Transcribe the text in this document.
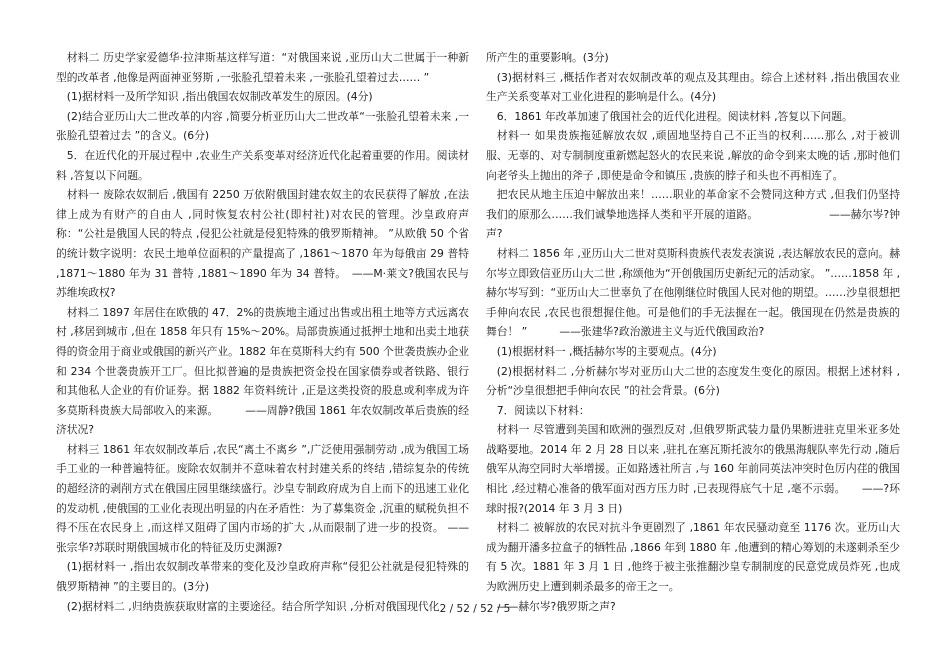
材料二 历史学家爱德华·拉津斯基这样写道：“对俄国来说 ,亚历山大二世属于一种新型的改革者 ,他像是两面神亚努斯 ,一张脸孔望着未来 ,一张脸孔望着过去…… ”

(1)据材料一及所学知识 ,指出俄国农奴制改革发生的原因。(4分)

(2)结合亚历山大二世改革的内容 ,简要分析亚历山大二世改革“一张脸孔望着未来 ,一张脸孔望着过去 ”的含义。(6分)

5．在近代化的开展过程中 ,农业生产关系变革对经济近代化起着重要的作用。阅读材料 ,答复以下问题。

材料一 废除农奴制后 ,俄国有 2250 万依附俄国封建农奴主的农民获得了解放 ,在法律上成为有财产的自由人 ,同时恢复农村公社(即村社)对农民的管理。沙皇政府声称：“公社是俄国人民的特点 ,侵犯公社就是侵犯特殊的俄罗斯精神。 ”从欧俄 50 个省的统计数字说明：农民土地单位面积的产量提高了 ,1861～1870 年为每俄亩 29 普特 ,1871～1880 年为 31 普特 ,1881～1890 年为 34 普特。　——M·莱文?俄国农民与苏维埃政权?

材料二 1897 年居住在欧俄的 47．2%的贵族地主通过出售或出租土地等方式远离农村 ,移居到城市 ,但在 1858 年只有 15%～20%。局部贵族通过抵押土地和出卖土地获得的资金用于商业或俄国的新兴产业。1882 年在莫斯科大约有 500 个世袭贵族办企业和 234 个世袭贵族开工厂。但比拟普遍的是贵族把资金投在国家债券或者铁路、银行和其他私人企业的有价证券。据 1882 年资料统计 ,正是这类投资的股息或利率成为许多莫斯科贵族大局部收入的来源。　　　——周静?俄国 1861 年农奴制改革后贵族的经济状况?

材料三 1861 年农奴制改革后 ,农民“离土不离乡 ”,广泛使用强制劳动 ,成为俄国工场手工业的一种普遍特征。废除农奴制并不意味着农村封建关系的终结 ,错综复杂的传统的超经济的剥削方式在俄国庄园里继续盛行。沙皇专制政府成为自上而下的迅速工业化的发动机 ,使俄国的工业化表现出明显的内在矛盾性：为了募集资金 ,沉重的赋税负担不得不压在农民身上 ,而这样又阻碍了国内市场的扩大 ,从而限制了进一步的投资。 ——张宗华?苏联时期俄国城市化的特征及历史渊源?

(1)据材料一 ,指出农奴制改革带来的变化及沙皇政府声称“侵犯公社就是侵犯特殊的俄罗斯精神 ”的主要目的。(3分)

(2)据材料二 ,归纳贵族获取财富的主要途径。结合所学知识 ,分析对俄国现代化

所产生的重要影响。(3分)

(3)据材料三 ,概括作者对农奴制改革的观点及其理由。综合上述材料 ,指出俄国农业生产关系变革对工业化进程的影响是什么。(4分)

6．1861 年改革加速了俄国社会的近代化进程。阅读材料 ,答复以下问题。

材料一 如果贵族拖延解放农奴 ,顽固地坚持自己不正当的权利……那么 ,对于被训服、无辜的、对专制制度重新燃起怒火的农民来说 ,解放的命令到来太晚的话 ,那时他们向老爷头上抛出的斧子 ,即使是命令和镇压 ,贵族的脖子和头也不再相连了。

把农民从地主压迫中解放出来！……职业的革命家不会赞同这种方式 ,但我们仍坚持我们的原那么……我们诚挚地选择人类和平开展的道路。　　　　　　　——赫尔岑?钟声?

材料二 1856 年 ,亚历山大二世对莫斯科贵族代表发表演说 ,表达解放农民的意向。赫尔岑立即致信亚历山大二世 ,称颂他为“开创俄国历史新纪元的活动家。 ”……1858 年 ,赫尔岑写到：“亚历山大二世辜负了在他刚继位时俄国人民对他的期望。……沙皇很想把手伸向农民 ,农民也很想握住他。可是他们的手无法握在一起。俄国现在仍然是贵族的舞台！ ”　　　——张建华?政治激进主义与近代俄国政治?

(1)根据材料一 ,概括赫尔岑的主要观点。(4分)

(2)根据材料二 ,分析赫尔岑对亚历山大二世的态度发生变化的原因。根据上述材料 ,分析“沙皇很想把手伸向农民 ”的社会背景。(6分)

7．阅读以下材料：

材料一 尽管遭到美国和欧洲的强烈反对 ,但俄罗斯武装力量仍果断进驻克里米亚多处战略要地。2014 年 2 月 28 日以来 ,驻扎在塞瓦斯托波尔的俄黑海舰队率先行动 ,随后俄军从海空同时大举增援。正如路透社所言 ,与 160 年前同英法冲突时色厉内荏的俄国相比 ,经过精心准备的俄军面对西方压力时 ,已表现得底气十足 ,毫不示弱。　　——?环球时报?(2014 年 3 月 3 日)

材料二 被解放的农民对抗斗争更剧烈了 ,1861 年农民骚动竟至 1176 次。亚历山大成为翻开潘多拉盒子的牺牲品 ,1866 年到 1880 年 ,他遭到的精心筹划的未遂刺杀至少有 5 次。1881 年 3 月 1 日 ,他终于被主张推翻沙皇专制制度的民意党成员炸死 ,也成为欧洲历史上遭到刺杀最多的帝王之一。

——赫尔岑?俄罗斯之声?

2 / 52 / 52 / 5
